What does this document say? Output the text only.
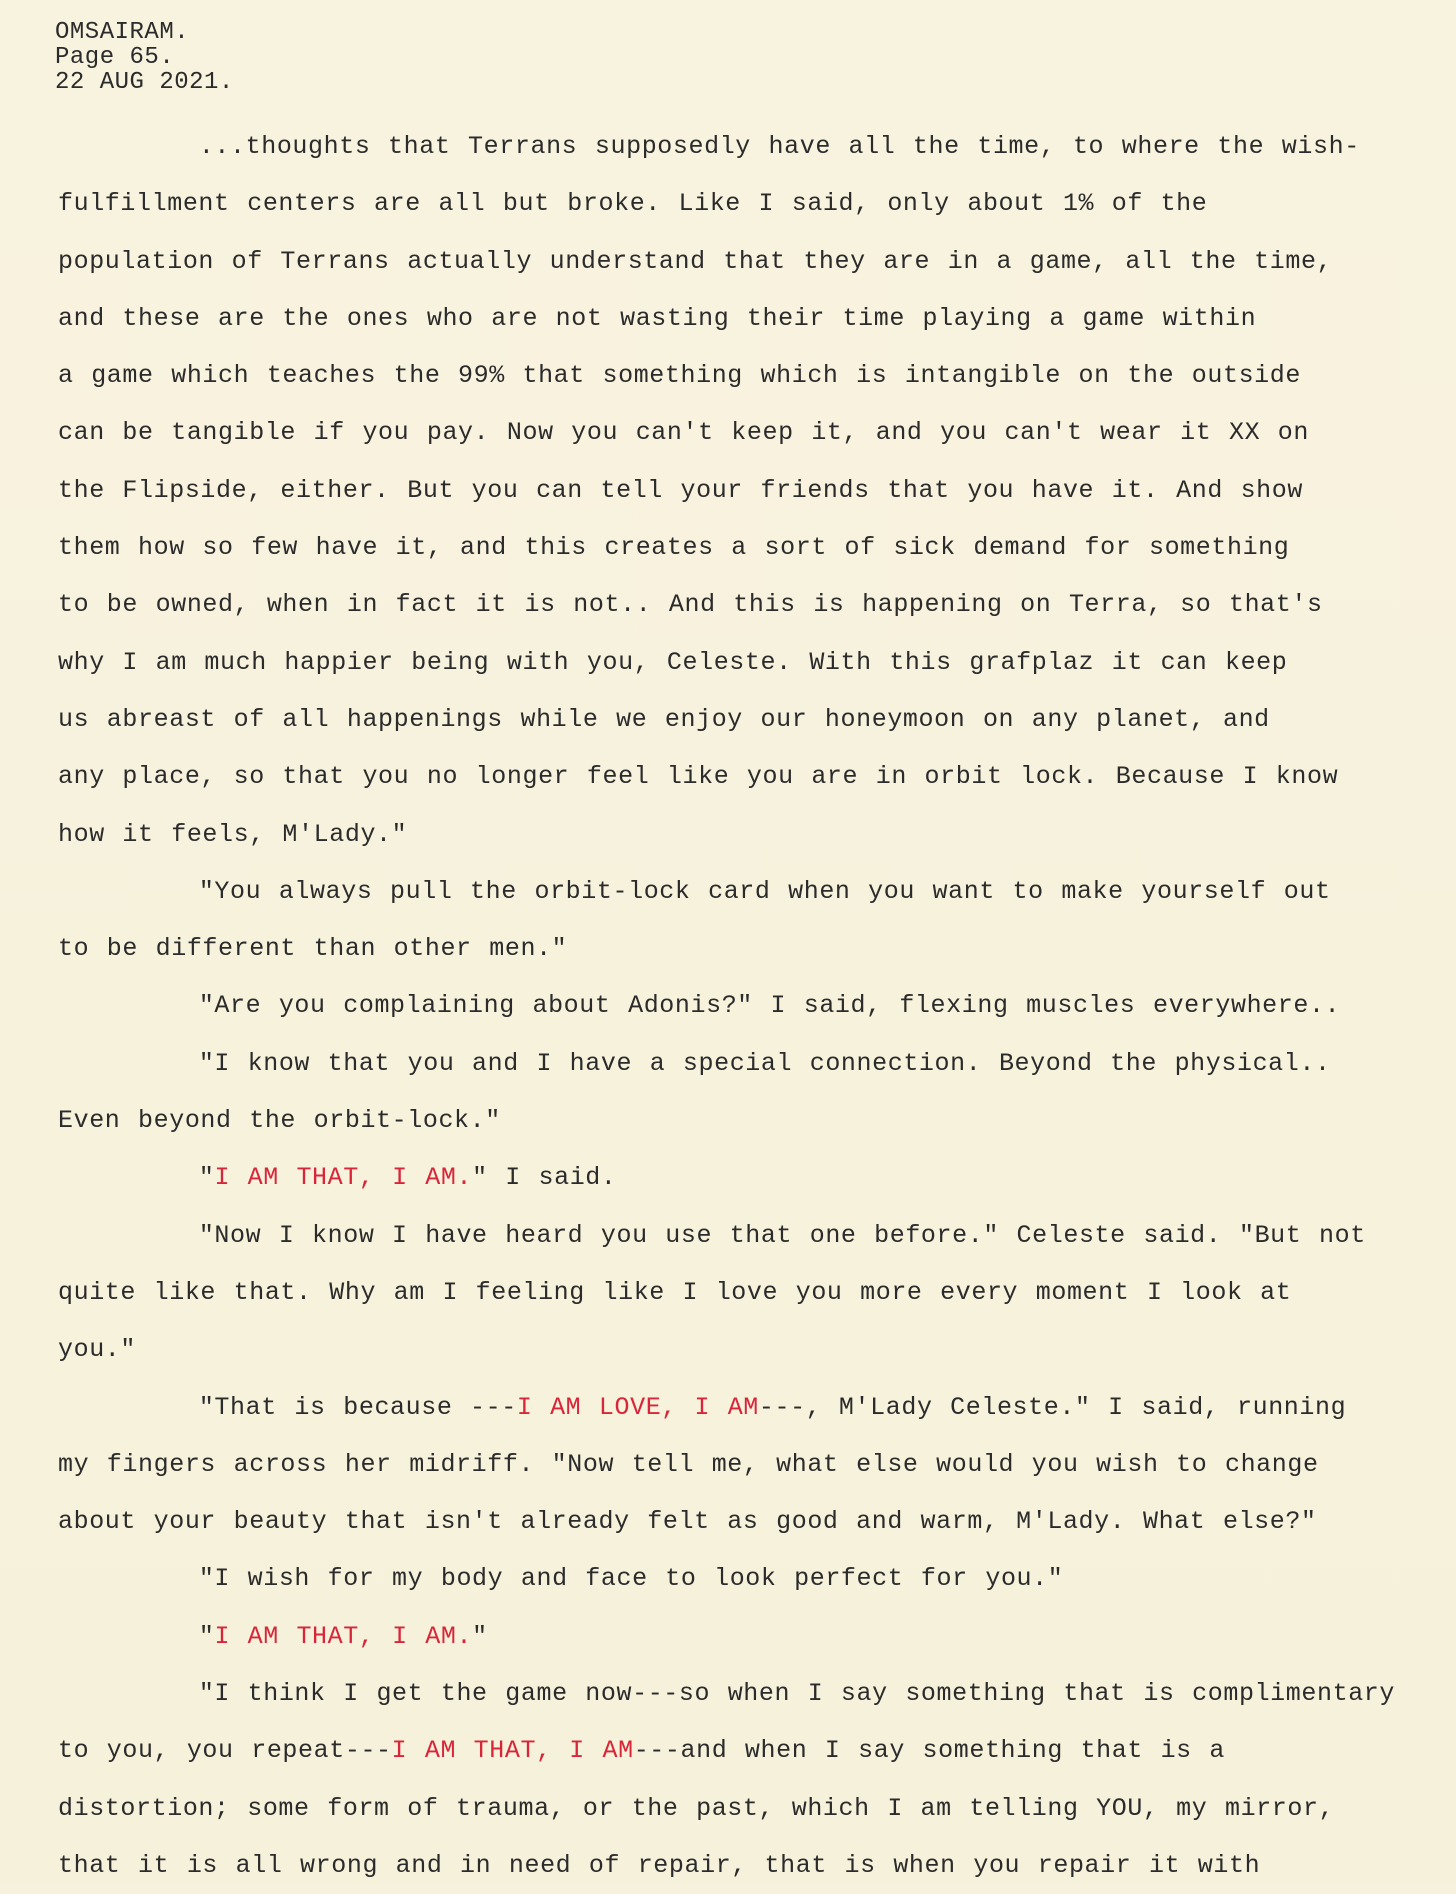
OMSAIRAM.
Page 65.
22 AUG 2021.
...thoughts that Terrans supposedly have all the time, to where the wish-
fulfillment centers are all but broke. Like I said, only about 1% of the
population of Terrans actually understand that they are in a game, all the time,
and these are the ones who are not wasting their time playing a game within
a game which teaches the 99% that something which is intangible on the outside
can be tangible if you pay. Now you can't keep it, and you can't wear it XX on
the Flipside, either. But you can tell your friends that you have it. And show
them how so few have it, and this creates a sort of sick demand for something
to be owned, when in fact it is not.. And this is happening on Terra, so that's
why I am much happier being with you, Celeste. With this grafplaz it can keep
us abreast of all happenings while we enjoy our honeymoon on any planet, and
any place, so that you no longer feel like you are in orbit lock. Because I know
how it feels, M'Lady."
"You always pull the orbit-lock card when you want to make yourself out
to be different than other men."
"Are you complaining about Adonis?" I said, flexing muscles everywhere..
"I know that you and I have a special connection. Beyond the physical..
Even beyond the orbit-lock."
"I AM THAT, I AM." I said.
"Now I know I have heard you use that one before." Celeste said. "But not
quite like that. Why am I feeling like I love you more every moment I look at
you."
"That is because ---I AM LOVE, I AM---, M'Lady Celeste." I said, running
my fingers across her midriff. "Now tell me, what else would you wish to change
about your beauty that isn't already felt as good and warm, M'Lady. What else?"
"I wish for my body and face to look perfect for you."
"I AM THAT, I AM."
"I think I get the game now---so when I say something that is complimentary
to you, you repeat---I AM THAT, I AM---and when I say something that is a
distortion; some form of trauma, or the past, which I am telling YOU, my mirror,
that it is all wrong and in need of repair, that is when you repair it with
